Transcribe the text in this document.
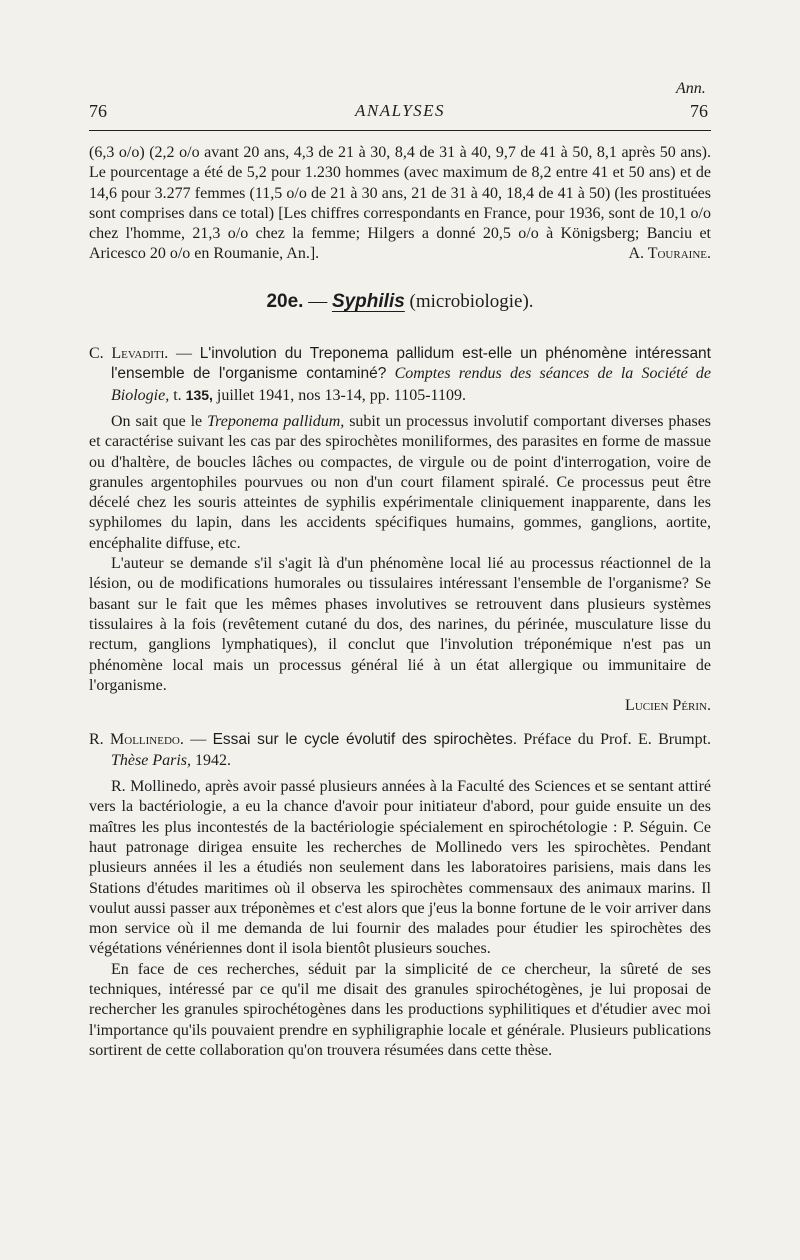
Ann.
76	ANALYSES	76

(6,3 o/o) (2,2 o/o avant 20 ans, 4,3 de 21 à 30, 8,4 de 31 à 40, 9,7 de 41 à 50, 8,1 après 50 ans). Le pourcentage a été de 5,2 pour 1.230 hommes (avec maximum de 8,2 entre 41 et 50 ans) et de 14,6 pour 3.277 femmes (11,5 o/o de 21 à 30 ans, 21 de 31 à 40, 18,4 de 41 à 50) (les prostituées sont comprises dans ce total) [Les chiffres correspondants en France, pour 1936, sont de 10,1 o/o chez l'homme, 21,3 o/o chez la femme; Hilgers a donné 20,5 o/o à Königsberg; Banciu et Aricesco 20 o/o en Roumanie, An.].	A. Touraine.

20e. — Syphilis (microbiologie).

C. Levaditi. — L'involution du Treponema pallidum est-elle un phénomène intéressant l'ensemble de l'organisme contaminé? Comptes rendus des séances de la Société de Biologie, t. 135, juillet 1941, nos 13-14, pp. 1105-1109.

On sait que le Treponema pallidum, subit un processus involutif comportant diverses phases et caractérise suivant les cas par des spirochètes moniliformes, des parasites en forme de massue ou d'haltère, de boucles lâches ou compactes, de virgule ou de point d'interrogation, voire de granules argentophiles pourvues ou non d'un court filament spiralé. Ce processus peut être décelé chez les souris atteintes de syphilis expérimentale cliniquement inapparente, dans les syphilomes du lapin, dans les accidents spécifiques humains, gommes, ganglions, aortite, encéphalite diffuse, etc.

L'auteur se demande s'il s'agit là d'un phénomène local lié au processus réactionnel de la lésion, ou de modifications humorales ou tissulaires intéressant l'ensemble de l'organisme? Se basant sur le fait que les mêmes phases involutives se retrouvent dans plusieurs systèmes tissulaires à la fois (revêtement cutané du dos, des narines, du périnée, musculature lisse du rectum, ganglions lymphatiques), il conclut que l'involution tréponémique n'est pas un phénomène local mais un processus général lié à un état allergique ou immunitaire de l'organisme.

Lucien Périn.

R. Mollinedo. — Essai sur le cycle évolutif des spirochètes. Préface du Prof. E. Brumpt. Thèse Paris, 1942.

R. Mollinedo, après avoir passé plusieurs années à la Faculté des Sciences et se sentant attiré vers la bactériologie, a eu la chance d'avoir pour initiateur d'abord, pour guide ensuite un des maîtres les plus incontestés de la bactériologie spécialement en spirochétologie : P. Séguin. Ce haut patronage dirigea ensuite les recherches de Mollinedo vers les spirochètes. Pendant plusieurs années il les a étudiés non seulement dans les laboratoires parisiens, mais dans les Stations d'études maritimes où il observa les spirochètes commensaux des animaux marins. Il voulut aussi passer aux tréponèmes et c'est alors que j'eus la bonne fortune de le voir arriver dans mon service où il me demanda de lui fournir des malades pour étudier les spirochètes des végétations vénériennes dont il isola bientôt plusieurs souches.

En face de ces recherches, séduit par la simplicité de ce chercheur, la sûreté de ses techniques, intéressé par ce qu'il me disait des granules spirochétogènes, je lui proposai de rechercher les granules spirochétogènes dans les productions syphilitiques et d'étudier avec moi l'importance qu'ils pouvaient prendre en syphiligraphie locale et générale. Plusieurs publications sortirent de cette collaboration qu'on trouvera résumées dans cette thèse.
